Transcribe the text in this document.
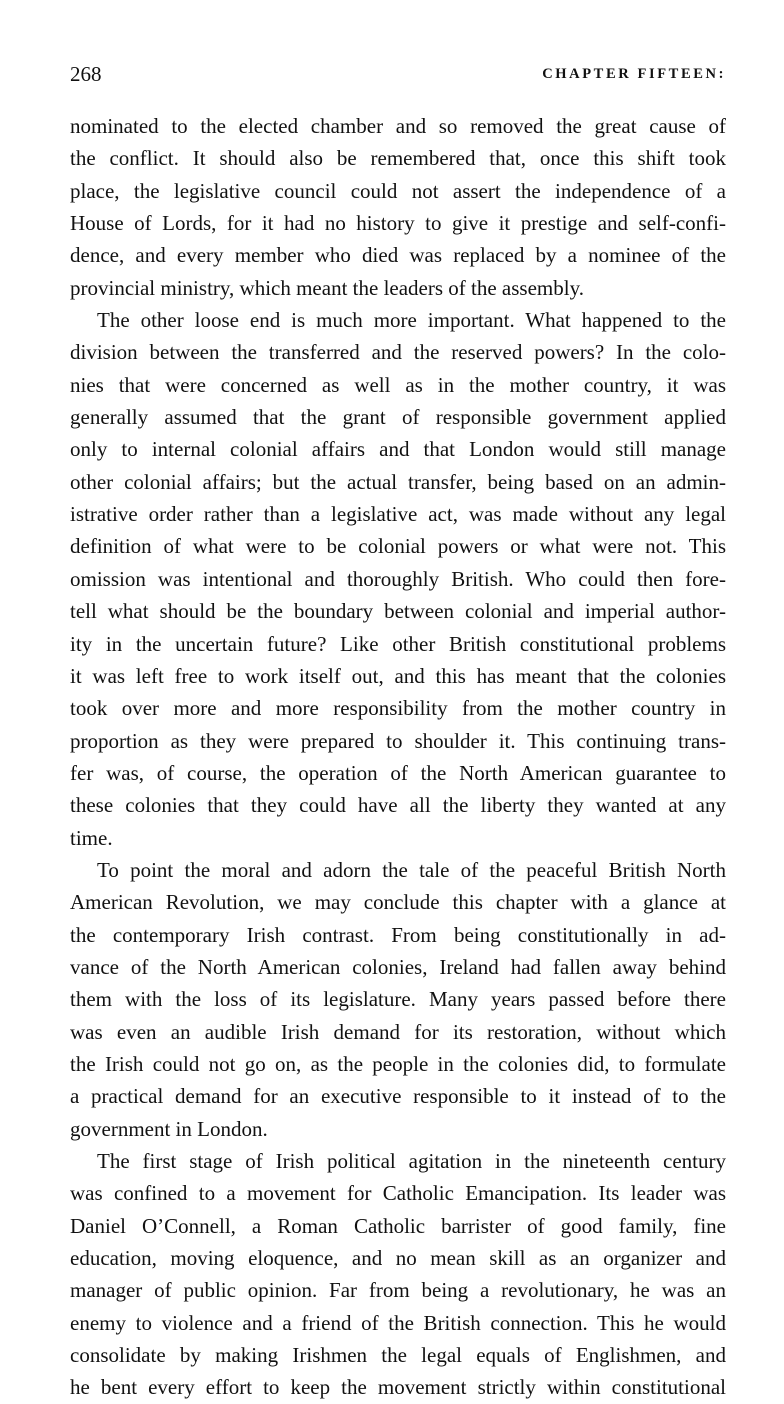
268	CHAPTER FIFTEEN:
nominated to the elected chamber and so removed the great cause of
the conflict. It should also be remembered that, once this shift took
place, the legislative council could not assert the independence of a
House of Lords, for it had no history to give it prestige and self-confi-
dence, and every member who died was replaced by a nominee of the
provincial ministry, which meant the leaders of the assembly.
The other loose end is much more important. What happened to the
division between the transferred and the reserved powers? In the colo-
nies that were concerned as well as in the mother country, it was
generally assumed that the grant of responsible government applied
only to internal colonial affairs and that London would still manage
other colonial affairs; but the actual transfer, being based on an admin-
istrative order rather than a legislative act, was made without any legal
definition of what were to be colonial powers or what were not. This
omission was intentional and thoroughly British. Who could then fore-
tell what should be the boundary between colonial and imperial author-
ity in the uncertain future? Like other British constitutional problems
it was left free to work itself out, and this has meant that the colonies
took over more and more responsibility from the mother country in
proportion as they were prepared to shoulder it. This continuing trans-
fer was, of course, the operation of the North American guarantee to
these colonies that they could have all the liberty they wanted at any
time.
To point the moral and adorn the tale of the peaceful British North
American Revolution, we may conclude this chapter with a glance at
the contemporary Irish contrast. From being constitutionally in ad-
vance of the North American colonies, Ireland had fallen away behind
them with the loss of its legislature. Many years passed before there
was even an audible Irish demand for its restoration, without which
the Irish could not go on, as the people in the colonies did, to formulate
a practical demand for an executive responsible to it instead of to the
government in London.
The first stage of Irish political agitation in the nineteenth century
was confined to a movement for Catholic Emancipation. Its leader was
Daniel O’Connell, a Roman Catholic barrister of good family, fine
education, moving eloquence, and no mean skill as an organizer and
manager of public opinion. Far from being a revolutionary, he was an
enemy to violence and a friend of the British connection. This he would
consolidate by making Irishmen the legal equals of Englishmen, and
he bent every effort to keep the movement strictly within constitutional
